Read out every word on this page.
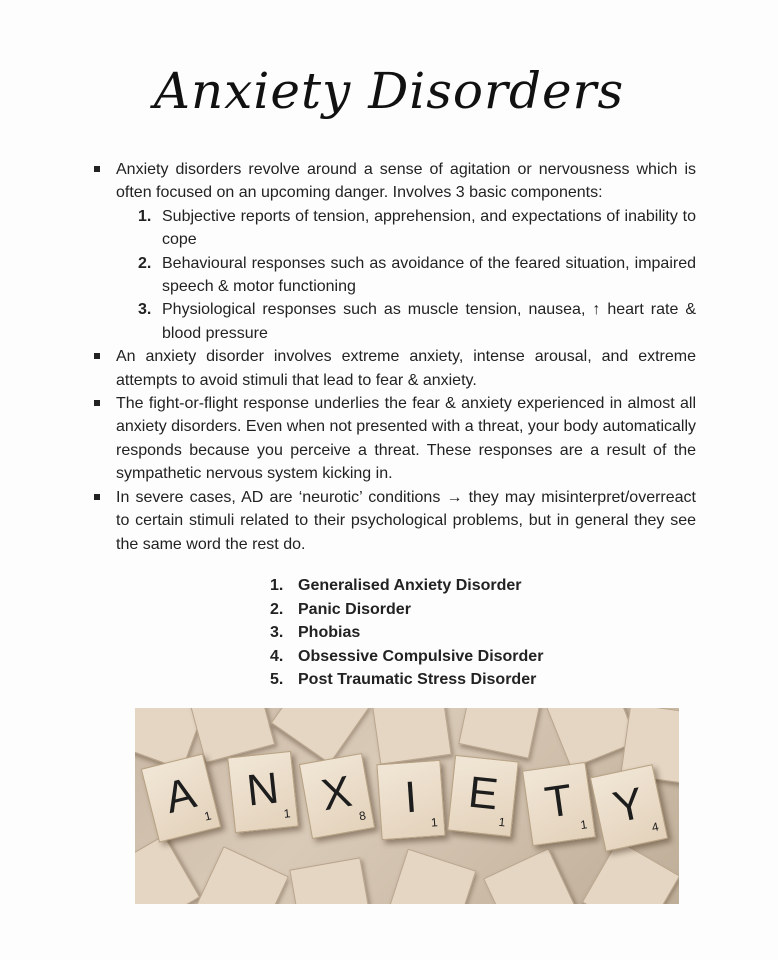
Anxiety Disorders
Anxiety disorders revolve around a sense of agitation or nervousness which is often focused on an upcoming danger. Involves 3 basic components:
1. Subjective reports of tension, apprehension, and expectations of inability to cope
2. Behavioural responses such as avoidance of the feared situation, impaired speech & motor functioning
3. Physiological responses such as muscle tension, nausea, ↑ heart rate & blood pressure
An anxiety disorder involves extreme anxiety, intense arousal, and extreme attempts to avoid stimuli that lead to fear & anxiety.
The fight-or-flight response underlies the fear & anxiety experienced in almost all anxiety disorders. Even when not presented with a threat, your body automatically responds because you perceive a threat. These responses are a result of the sympathetic nervous system kicking in.
In severe cases, AD are ‘neurotic’ conditions → they may misinterpret/overreact to certain stimuli related to their psychological problems, but in general they see the same word the rest do.
1. Generalised Anxiety Disorder
2. Panic Disorder
3. Phobias
4. Obsessive Compulsive Disorder
5. Post Traumatic Stress Disorder
A 1
N 1 X 8 I
1
E
1 T 1 Y 4
